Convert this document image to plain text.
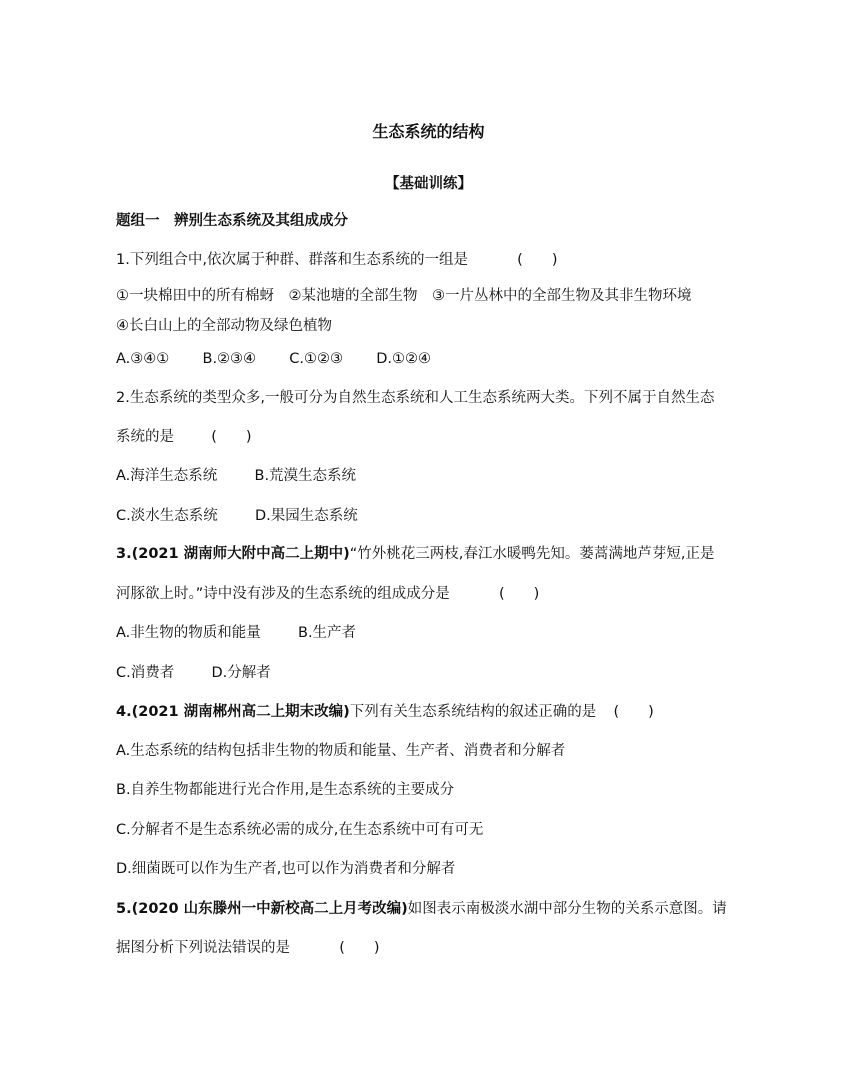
生态系统的结构
【基础训练】
题组一　辨别生态系统及其组成成分
1.下列组合中,依次属于种群、群落和生态系统的一组是	(　　)
①一块棉田中的所有棉蚜　②某池塘的全部生物　③一片丛林中的全部生物及其非生物环境
④长白山上的全部动物及绿色植物
A.③④① B.②③④ C.①②③ D.①②④
2.生态系统的类型众多,一般可分为自然生态系统和人工生态系统两大类。下列不属于自然生态
系统的是	(　　)
A.海洋生态系统	B.荒漠生态系统
C.淡水生态系统	D.果园生态系统
3.(2021 湖南师大附中高二上期中)“竹外桃花三两枝,春江水暖鸭先知。蒌蒿满地芦芽短,正是
河豚欲上时。”诗中没有涉及的生态系统的组成成分是	(　　)
A.非生物的物质和能量	B.生产者
C.消费者	D.分解者
4.(2021 湖南郴州高二上期末改编)下列有关生态系统结构的叙述正确的是 (　　)
A.生态系统的结构包括非生物的物质和能量、生产者、消费者和分解者
B.自养生物都能进行光合作用,是生态系统的主要成分
C.分解者不是生态系统必需的成分,在生态系统中可有可无
D.细菌既可以作为生产者,也可以作为消费者和分解者
5.(2020 山东滕州一中新校高二上月考改编)如图表示南极淡水湖中部分生物的关系示意图。请
据图分析下列说法错误的是	(　　)
